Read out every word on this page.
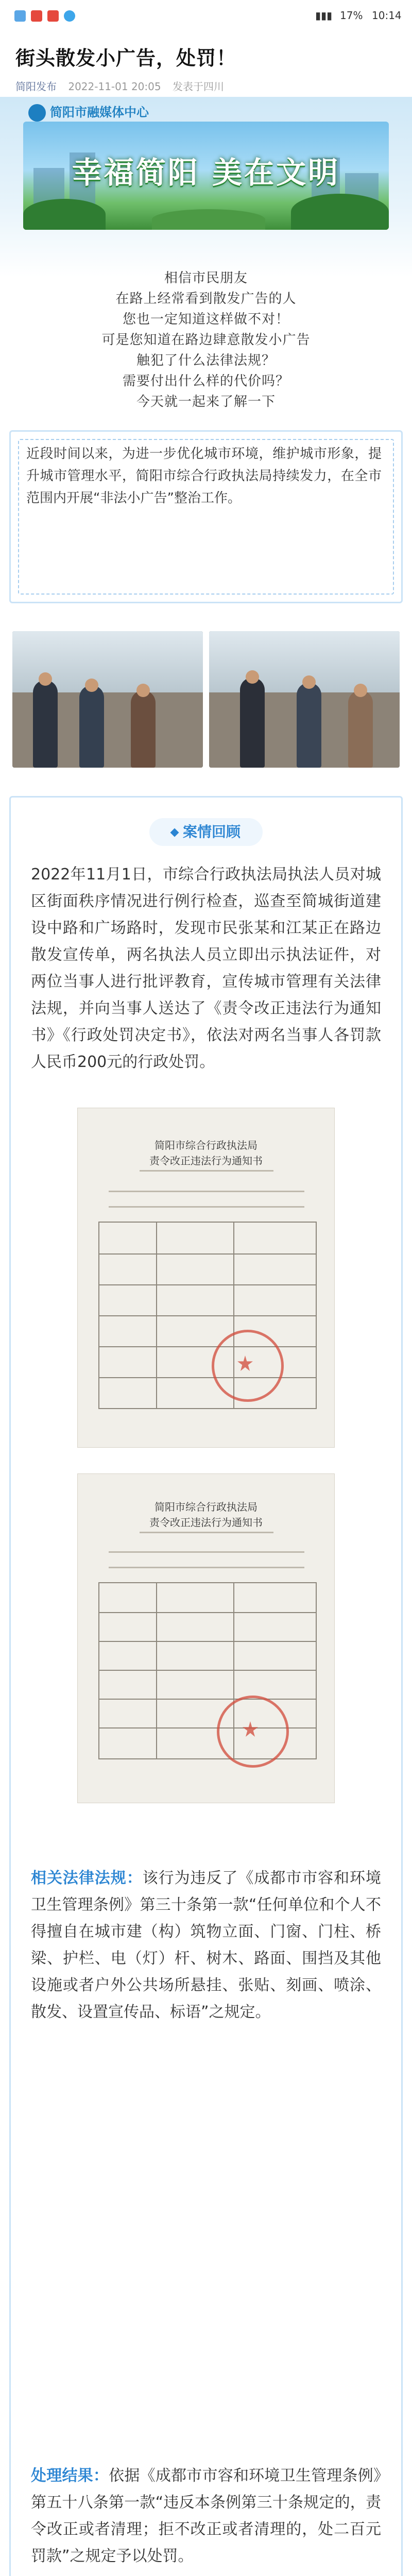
▮▮▮ 17% 10:14
街头散发小广告，处罚！
简阳发布 2022-11-01 20:05 发表于四川
简阳市融媒体中心
幸福简阳 美在文明

相信市民朋友

在路上经常看到散发广告的人

您也一定知道这样做不对！

可是您知道在路边肆意散发小广告

触犯了什么法律法规？

需要付出什么样的代价吗？

今天就一起来了解一下

近段时间以来，为进一步优化城市环境，维护城市形象，提升城市管理水平，简阳市综合行政执法局持续发力，在全市范围内开展“非法小广告”整治工作。

案情回顾

2022年11月1日，市综合行政执法局执法人员对城区街面秩序情况进行例行检查，巡查至简城街道建设中路和广场路时，发现市民张某和江某正在路边散发宣传单，两名执法人员立即出示执法证件，对两位当事人进行批评教育，宣传城市管理有关法律法规，并向当事人送达了《责令改正违法行为通知书》《行政处罚决定书》，依法对两名当事人各罚款人民币200元的行政处罚。

简阳市综合行政执法局
责令改正违法行为通知书
简阳市综合行政执法局
责令改正违法行为通知书

相关法律法规：该行为违反了《成都市市容和环境卫生管理条例》第三十条第一款“任何单位和个人不得擅自在城市建（构）筑物立面、门窗、门柱、桥梁、护栏、电（灯）杆、树木、路面、围挡及其他设施或者户外公共场所悬挂、张贴、刻画、喷涂、散发、设置宣传品、标语”之规定。

处理结果：依据《成都市市容和环境卫生管理条例》第五十八条第一款“违反本条例第三十条规定的，责令改正或者清理；拒不改正或者清理的，处二百元罚款”之规定予以处罚。
